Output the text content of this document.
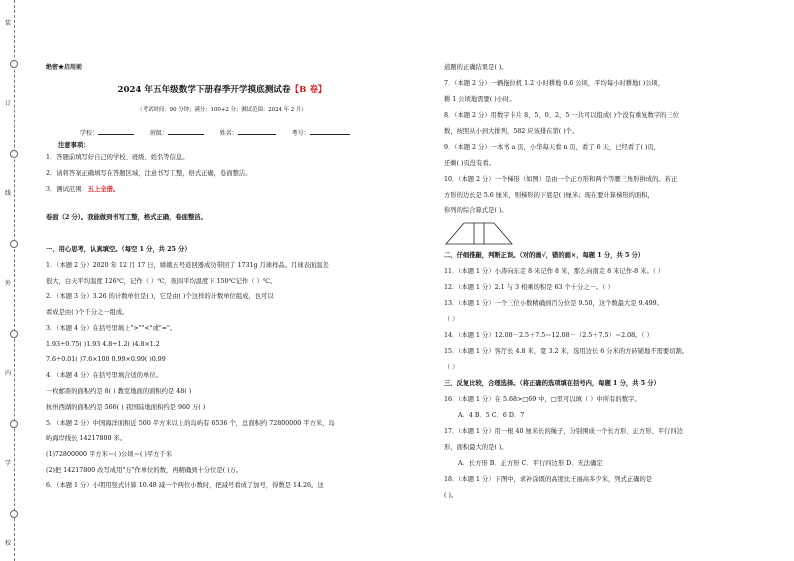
装
订
线
外
内
学
校
绝密★启用前
2024 年五年级数学下册春季开学摸底测试卷【B 卷】
（考试时间：90 分钟；满分：100+2 分；测试范围：2024 年 2 月）
学校：	班级：	姓名：	考号：
注意事项：
1．答题前填写好自己的学校、班级、姓名等信息。
2．请将答案正确填写在答题区域，注意书写工整，格式正确，卷面整洁。
3．测试范围：五上全册。
卷面（2 分）。我能做到书写工整，格式正确，卷面整洁。
一、用心思考，认真填空。（每空 1 分，共 25 分）
1．（本题 2 分）2020 年 12 月 17 日，嫦娥五号返回器成功带回了 1731g 月球样品。月球表面温差
很大，白天平均温度 126℃，记作（ ）℃，夜间平均温度下 150℃记作（ ）℃。
2．（本题 3 分）3.26 的计数单位是( )，它是由( )个这样的计数单位组成，也可以
看成是由( )个千分之一组成。
3．（本题 4 分）在括号里填上">""<"或"="。
1.93÷0.75( )1.93 4.8÷1.2( )4.8×1.2
7.6÷0.01( )7.6×100 0.99×0.99( )0.99
4．（本题 4 分）在括号里填合适的单位。
一枚邮票的面积约是 8( ) 教室地面的面积约是 48( )
杭州西湖的面积约是 566( ) 我国陆地面积约是 960 万( )
5．（本题 2 分）中国海洋面积近 500 平方米以上的岛屿有 6536 个，总面积约 72800000 平方米，岛
屿海岸线长 14217800 米。
(1)72800000 平方米＝( )公顷＝( )平方千米
(2)把 14217800 改写成用"万"作单位的数，再精确到十分位是( )万。
6．（本题 1 分）小明用竖式计算 10.48 减一个两位小数时，把减号看成了加号，得数是 14.26。这
道题的正确结果是( )。
7．（本题 2 分）一辆拖拉机 1.2 小时耕地 0.6 公顷，平均每小时耕地( )公顷，
耕 1 公顷地需要( )小时。
8．（本题 2 分）用数字卡片 8、5、0、2，5 一共可以组成( )个没有重复数字的三位
数，按照从小到大排列，582 应该排在第( )个。
9．（本题 2 分）一本书 a 页，小华每天看 n 页，看了 6 天，已经看了( )页，
还剩( )页没有看。
10．（本题 2 分）一个梯形（如图）是由一个正方形和两个等腰三角形拼成的。若正
方形的边长是 5.6 厘米，则梯形的下底是( )厘米；现在要计算梯形的面积，
你列的综合算式是( )。
二、仔细推敲，判断正误。（对的画√，错的画×，每题 1 分，共 5 分）
11．（本题 1 分）小涛向东走 8 米记作 8 米，那么向南走 8 米记作-8 米。（ ）
12．（本题 1 分）2.1 与 3 相乘的积是 63 个十分之一。（ ）
13．（本题 1 分）一个三位小数精确到百分位是 9.50，这个数最大是 9.499。
（ ）
14．（本题 1 分）12.08－2.5＋7.5＝12.08－（2.5＋7.5）＝2.08。（ ）
15．（本题 1 分）客厅长 4.8 米，宽 3.2 米，选用边长 6 分米的方砖铺地不需要切割。
（ ）
三、反复比较，合理选择。（将正确的选项填在括号内，每题 1 分，共 5 分）
16．（本题 1 分）在 5.68>□69 中，□里可以填（ ）中所有的数字。
A．4 B．5 C．6 D．7
17．（本题 1 分）用一根 40 厘米长的绳子，分别围成一个长方形、正方形、平行四边
形，面积最大的是( )。
A．长方形 B．正方形 C．平行四边形 D．无法确定
18．（本题 1 分）下图中，求补涂既的高度比王丽高多少米，列式正确的是
( )。
